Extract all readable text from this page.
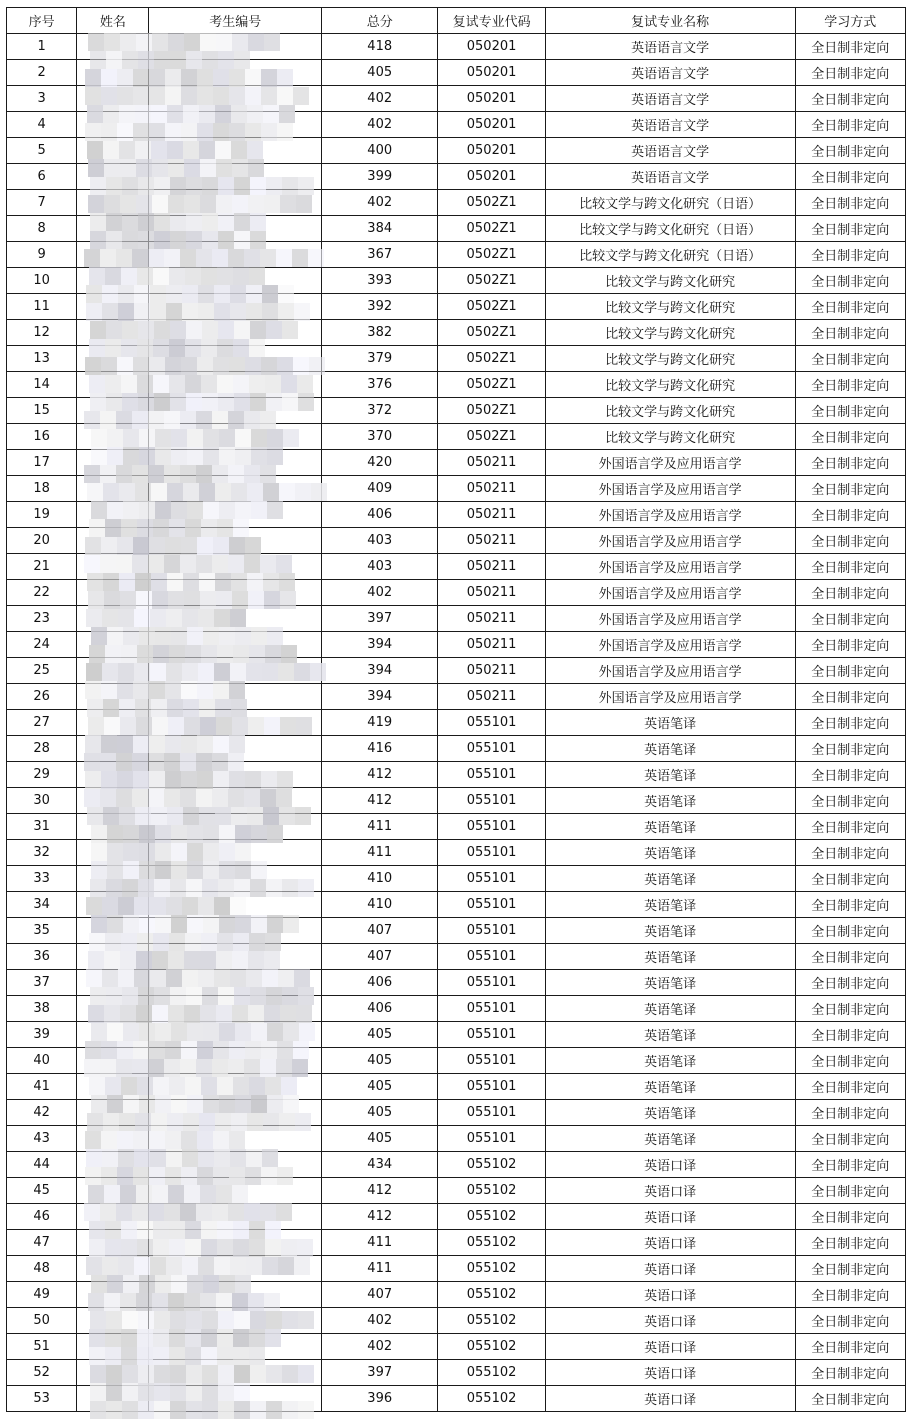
序号	姓名	考生编号	总分	复试专业代码	复试专业名称	学习方式
1			418	050201	英语语言文学	全日制非定向
2			405	050201	英语语言文学	全日制非定向
3			402	050201	英语语言文学	全日制非定向
4			402	050201	英语语言文学	全日制非定向
5			400	050201	英语语言文学	全日制非定向
6			399	050201	英语语言文学	全日制非定向
7			402	0502Z1	比较文学与跨文化研究（日语）	全日制非定向
8			384	0502Z1	比较文学与跨文化研究（日语）	全日制非定向
9			367	0502Z1	比较文学与跨文化研究（日语）	全日制非定向
10			393	0502Z1	比较文学与跨文化研究	全日制非定向
11			392	0502Z1	比较文学与跨文化研究	全日制非定向
12			382	0502Z1	比较文学与跨文化研究	全日制非定向
13			379	0502Z1	比较文学与跨文化研究	全日制非定向
14			376	0502Z1	比较文学与跨文化研究	全日制非定向
15			372	0502Z1	比较文学与跨文化研究	全日制非定向
16			370	0502Z1	比较文学与跨文化研究	全日制非定向
17			420	050211	外国语言学及应用语言学	全日制非定向
18			409	050211	外国语言学及应用语言学	全日制非定向
19			406	050211	外国语言学及应用语言学	全日制非定向
20			403	050211	外国语言学及应用语言学	全日制非定向
21			403	050211	外国语言学及应用语言学	全日制非定向
22			402	050211	外国语言学及应用语言学	全日制非定向
23			397	050211	外国语言学及应用语言学	全日制非定向
24			394	050211	外国语言学及应用语言学	全日制非定向
25			394	050211	外国语言学及应用语言学	全日制非定向
26			394	050211	外国语言学及应用语言学	全日制非定向
27			419	055101	英语笔译	全日制非定向
28			416	055101	英语笔译	全日制非定向
29			412	055101	英语笔译	全日制非定向
30			412	055101	英语笔译	全日制非定向
31			411	055101	英语笔译	全日制非定向
32			411	055101	英语笔译	全日制非定向
33			410	055101	英语笔译	全日制非定向
34			410	055101	英语笔译	全日制非定向
35			407	055101	英语笔译	全日制非定向
36			407	055101	英语笔译	全日制非定向
37			406	055101	英语笔译	全日制非定向
38			406	055101	英语笔译	全日制非定向
39			405	055101	英语笔译	全日制非定向
40			405	055101	英语笔译	全日制非定向
41			405	055101	英语笔译	全日制非定向
42			405	055101	英语笔译	全日制非定向
43			405	055101	英语笔译	全日制非定向
44			434	055102	英语口译	全日制非定向
45			412	055102	英语口译	全日制非定向
46			412	055102	英语口译	全日制非定向
47			411	055102	英语口译	全日制非定向
48			411	055102	英语口译	全日制非定向
49			407	055102	英语口译	全日制非定向
50			402	055102	英语口译	全日制非定向
51			402	055102	英语口译	全日制非定向
52			397	055102	英语口译	全日制非定向
53			396	055102	英语口译	全日制非定向
